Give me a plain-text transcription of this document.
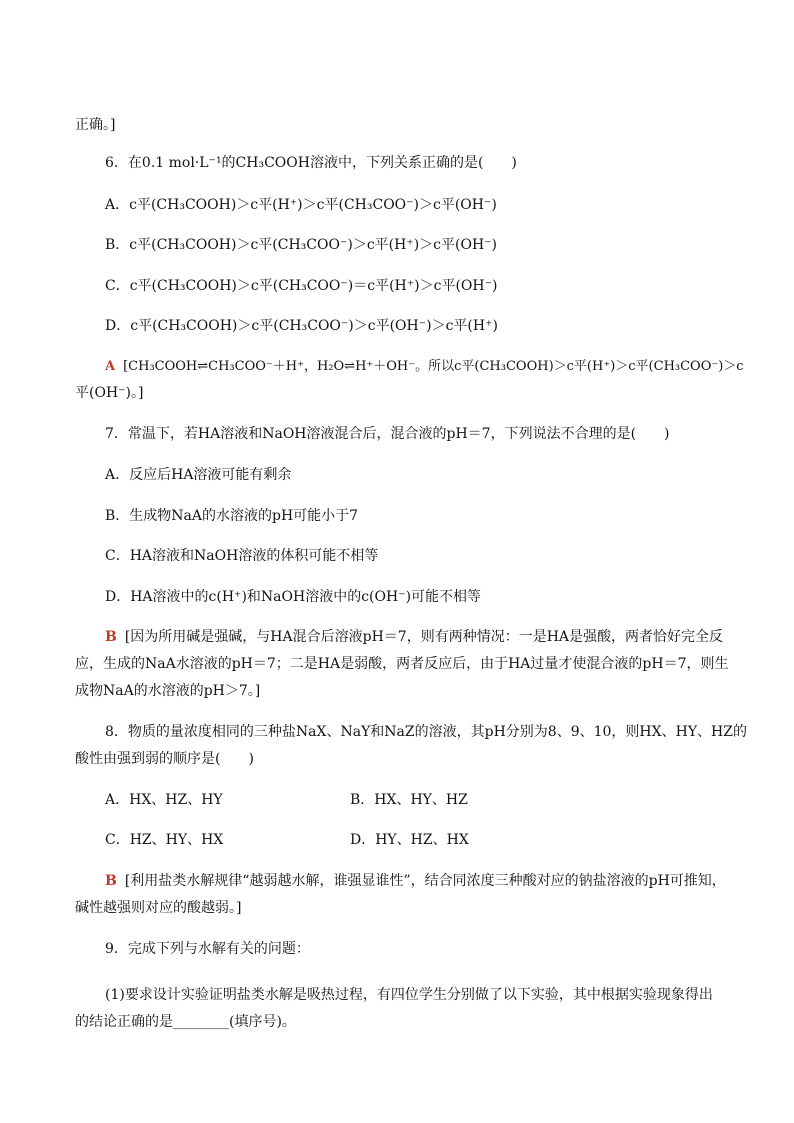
正确。]
6．在0.1 mol·L⁻¹的CH₃COOH溶液中，下列关系正确的是(　　)
A．c平(CH₃COOH)＞c平(H⁺)＞c平(CH₃COO⁻)＞c平(OH⁻)
B．c平(CH₃COOH)＞c平(CH₃COO⁻)＞c平(H⁺)＞c平(OH⁻)
C．c平(CH₃COOH)＞c平(CH₃COO⁻)＝c平(H⁺)＞c平(OH⁻)
D．c平(CH₃COOH)＞c平(CH₃COO⁻)＞c平(OH⁻)＞c平(H⁺)
A [CH₃COOH⇌CH₃COO⁻＋H⁺，H₂O⇌H⁺＋OH⁻。所以c平(CH₃COOH)＞c平(H⁺)＞c平(CH₃COO⁻)＞c
平(OH⁻)。]
7．常温下，若HA溶液和NaOH溶液混合后，混合液的pH＝7，下列说法不合理的是(　　)
A．反应后HA溶液可能有剩余
B．生成物NaA的水溶液的pH可能小于7
C．HA溶液和NaOH溶液的体积可能不相等
D．HA溶液中的c(H⁺)和NaOH溶液中的c(OH⁻)可能不相等
B [因为所用碱是强碱，与HA混合后溶液pH＝7，则有两种情况：一是HA是强酸，两者恰好完全反
应，生成的NaA水溶液的pH＝7；二是HA是弱酸，两者反应后，由于HA过量才使混合液的pH＝7，则生
成物NaA的水溶液的pH＞7。]
8．物质的量浓度相同的三种盐NaX、NaY和NaZ的溶液，其pH分别为8、9、10，则HX、HY、HZ的
酸性由强到弱的顺序是(　　)
A．HX、HZ、HY	B．HX、HY、HZ
C．HZ、HY、HX	D．HY、HZ、HX
B [利用盐类水解规律“越弱越水解，谁强显谁性”，结合同浓度三种酸对应的钠盐溶液的pH可推知，
碱性越强则对应的酸越弱。]
9．完成下列与水解有关的问题：
(1)要求设计实验证明盐类水解是吸热过程，有四位学生分别做了以下实验，其中根据实验现象得出
的结论正确的是________(填序号)。
